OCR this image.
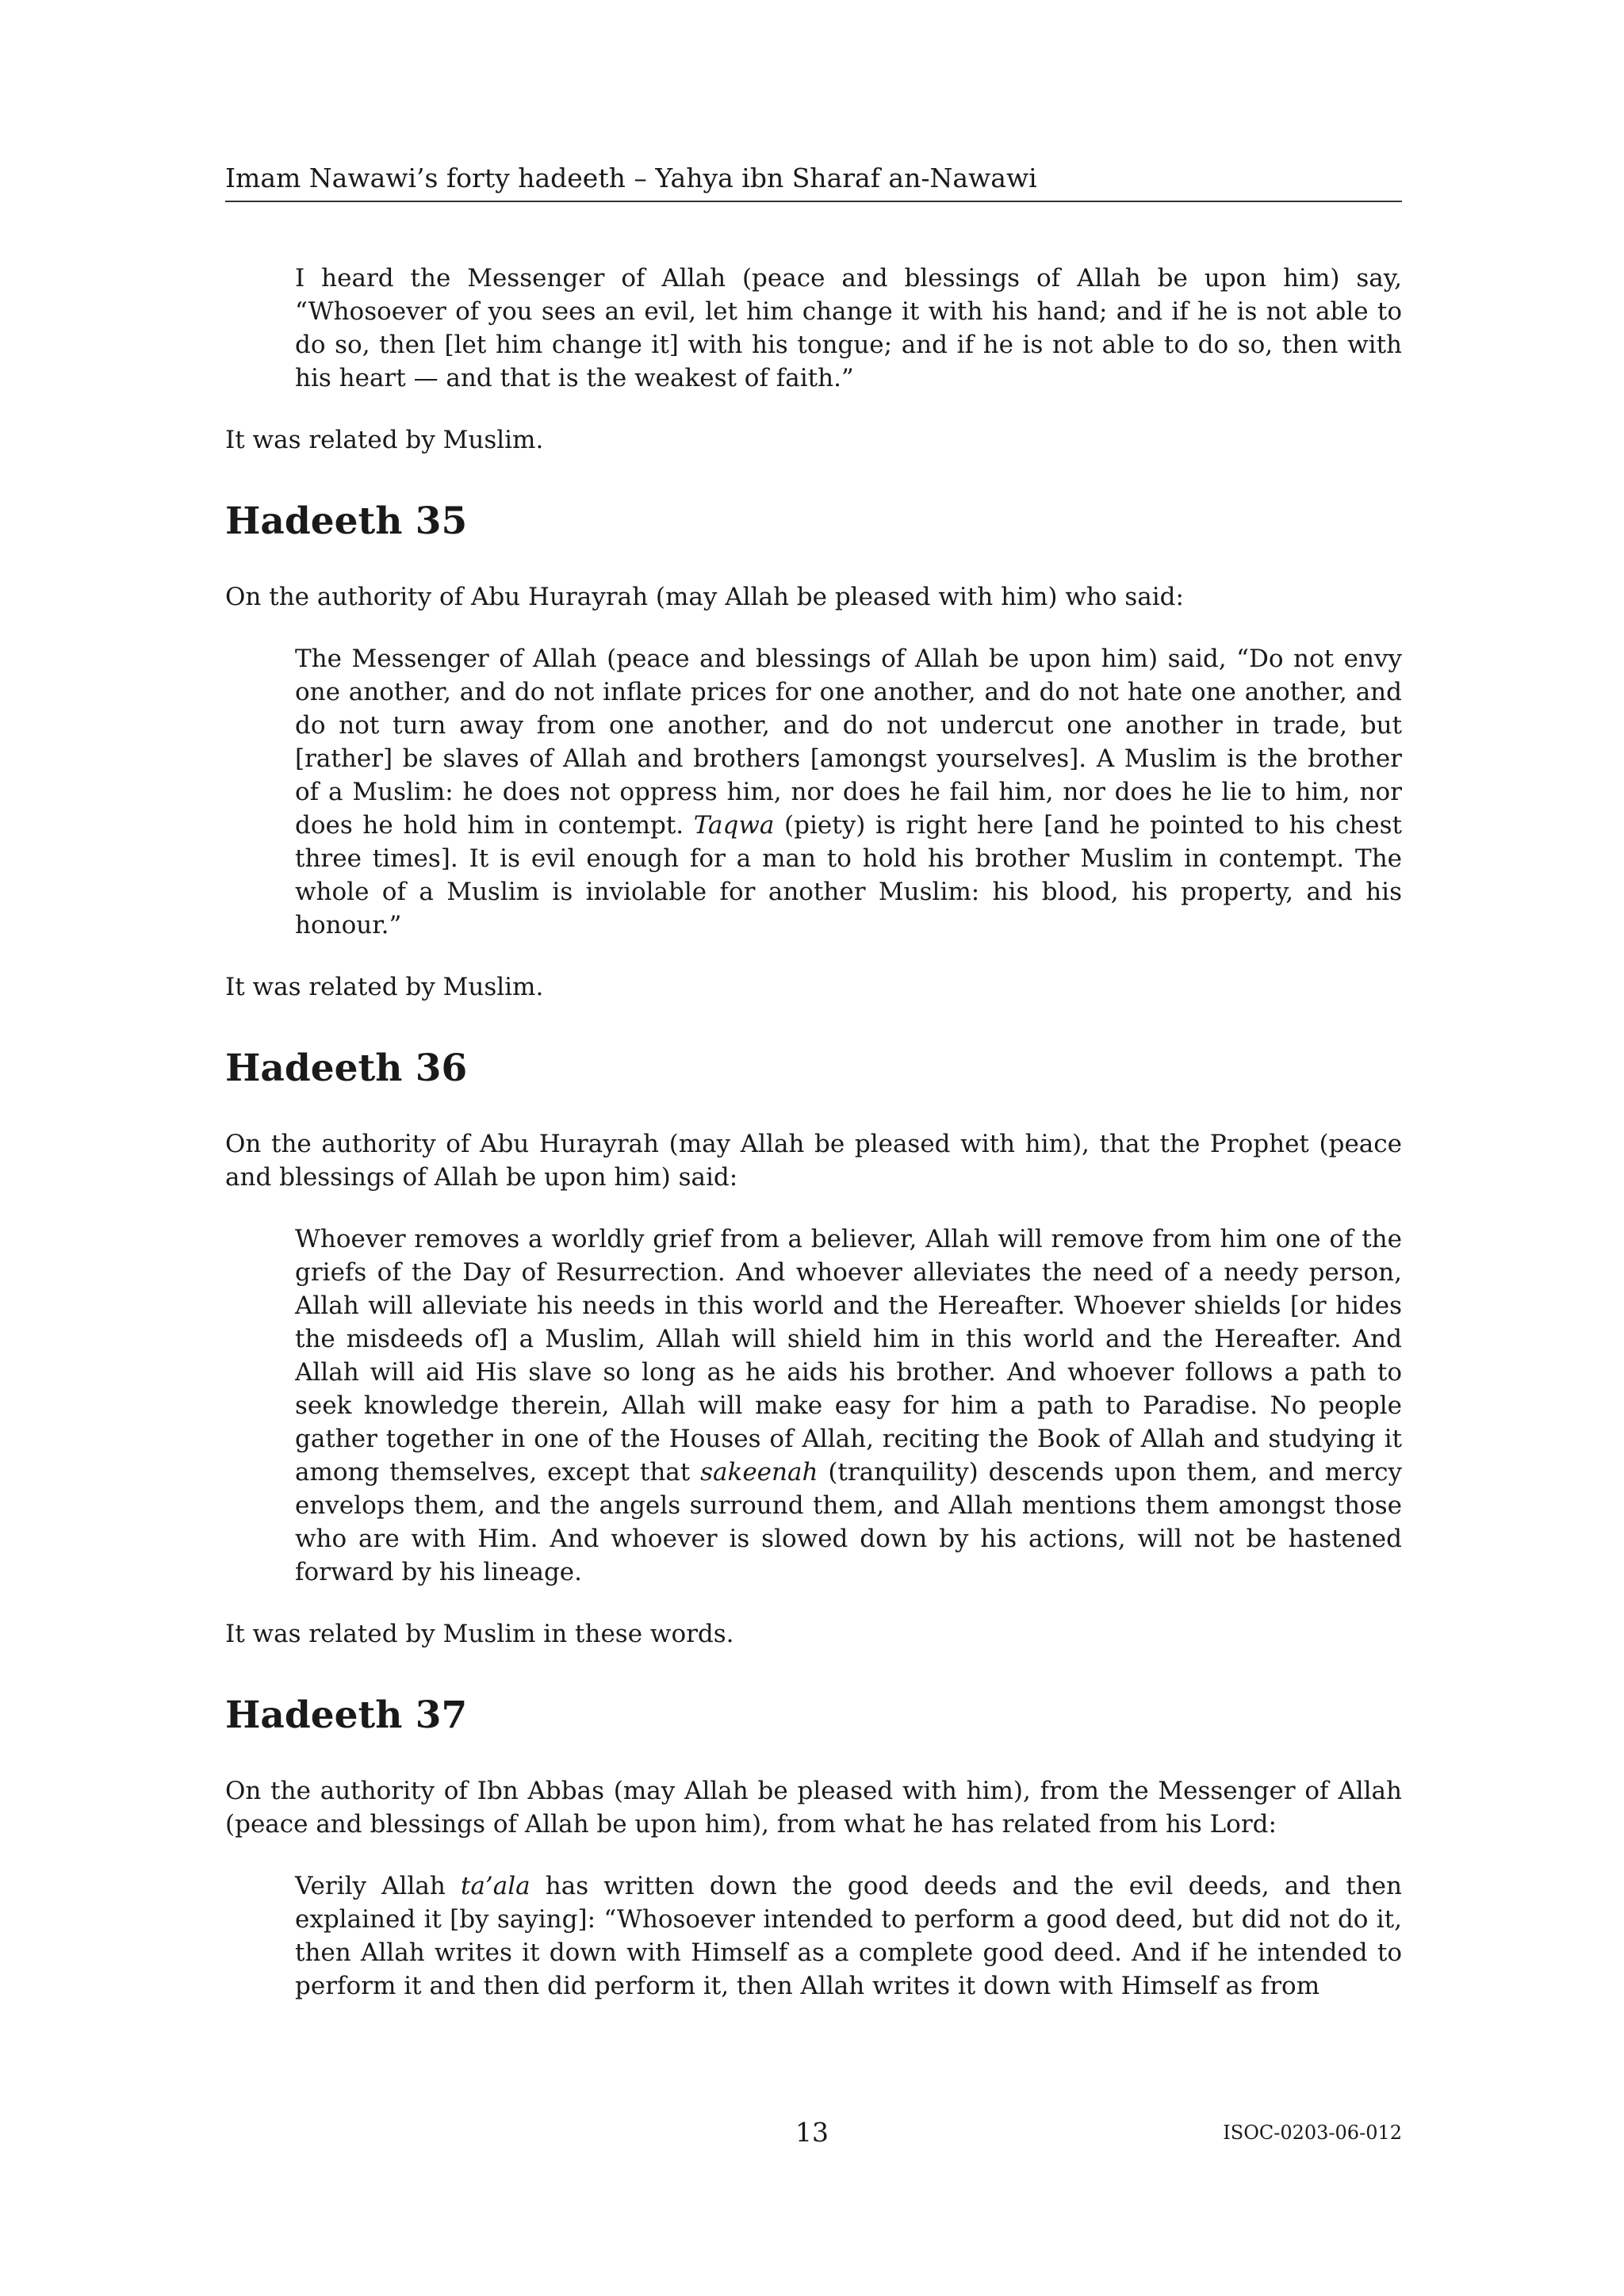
Imam Nawawi’s forty hadeeth – Yahya ibn Sharaf an-Nawawi

I heard the Messenger of Allah (peace and blessings of Allah be upon him) say, “Whosoever of you sees an evil, let him change it with his hand; and if he is not able to do so, then [let him change it] with his tongue; and if he is not able to do so, then with his heart — and that is the weakest of faith.”

It was related by Muslim.

Hadeeth 35

On the authority of Abu Hurayrah (may Allah be pleased with him) who said:

The Messenger of Allah (peace and blessings of Allah be upon him) said, “Do not envy one another, and do not inflate prices for one another, and do not hate one another, and do not turn away from one another, and do not undercut one another in trade, but [rather] be slaves of Allah and brothers [amongst yourselves]. A Muslim is the brother of a Muslim: he does not oppress him, nor does he fail him, nor does he lie to him, nor does he hold him in contempt. Taqwa (piety) is right here [and he pointed to his chest three times]. It is evil enough for a man to hold his brother Muslim in contempt. The whole of a Muslim is inviolable for another Muslim: his blood, his property, and his honour.”

It was related by Muslim.

Hadeeth 36

On the authority of Abu Hurayrah (may Allah be pleased with him), that the Prophet (peace and blessings of Allah be upon him) said:

Whoever removes a worldly grief from a believer, Allah will remove from him one of the griefs of the Day of Resurrection. And whoever alleviates the need of a needy person, Allah will alleviate his needs in this world and the Hereafter. Whoever shields [or hides the misdeeds of] a Muslim, Allah will shield him in this world and the Hereafter. And Allah will aid His slave so long as he aids his brother. And whoever follows a path to seek knowledge therein, Allah will make easy for him a path to Paradise. No people gather together in one of the Houses of Allah, reciting the Book of Allah and studying it among themselves, except that sakeenah (tranquility) descends upon them, and mercy envelops them, and the angels surround them, and Allah mentions them amongst those who are with Him. And whoever is slowed down by his actions, will not be hastened forward by his lineage.

It was related by Muslim in these words.

Hadeeth 37

On the authority of Ibn Abbas (may Allah be pleased with him), from the Messenger of Allah (peace and blessings of Allah be upon him), from what he has related from his Lord:

Verily Allah ta’ala has written down the good deeds and the evil deeds, and then explained it [by saying]: “Whosoever intended to perform a good deed, but did not do it, then Allah writes it down with Himself as a complete good deed. And if he intended to perform it and then did perform it, then Allah writes it down with Himself as from

13	ISOC-0203-06-012
